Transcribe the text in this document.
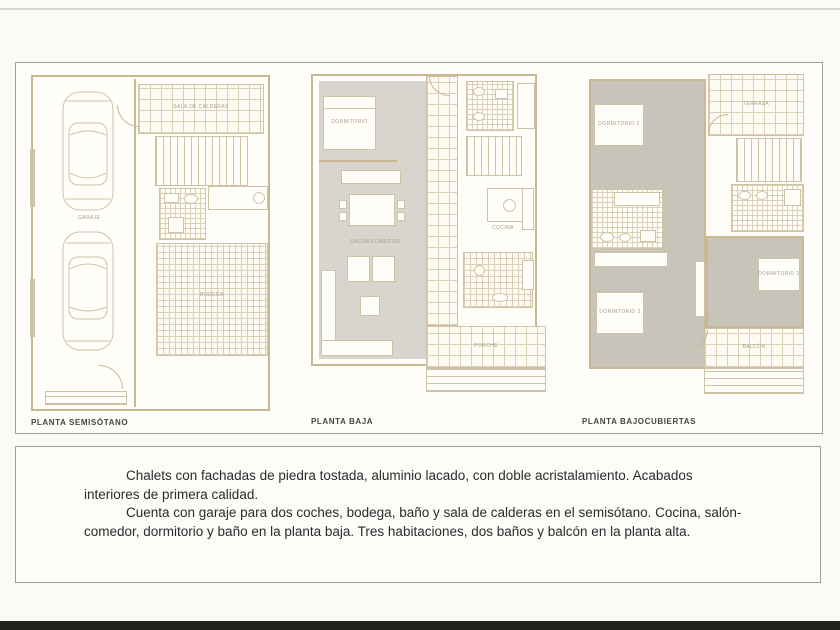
GARAJE
SALA DE CALDERAS
BODEGA
PLANTA SEMISÓTANO
DORMITORIO
SALÓN-COMEDOR
COCINA
PORCHE
PLANTA BAJA
DORMITORIO 1
DORMITORIO 2
DORMITORIO 3
TERRAZA
BALCÓN
PLANTA BAJOCUBIERTAS

Chalets con fachadas de piedra tostada, aluminio lacado, con doble acristalamiento. Acabados interiores de primera calidad.

Cuenta con garaje para dos coches, bodega, baño y sala de calderas en el semisótano. Cocina, salón-comedor, dormitorio y baño en la planta baja. Tres habitaciones, dos baños y balcón en la planta alta.
